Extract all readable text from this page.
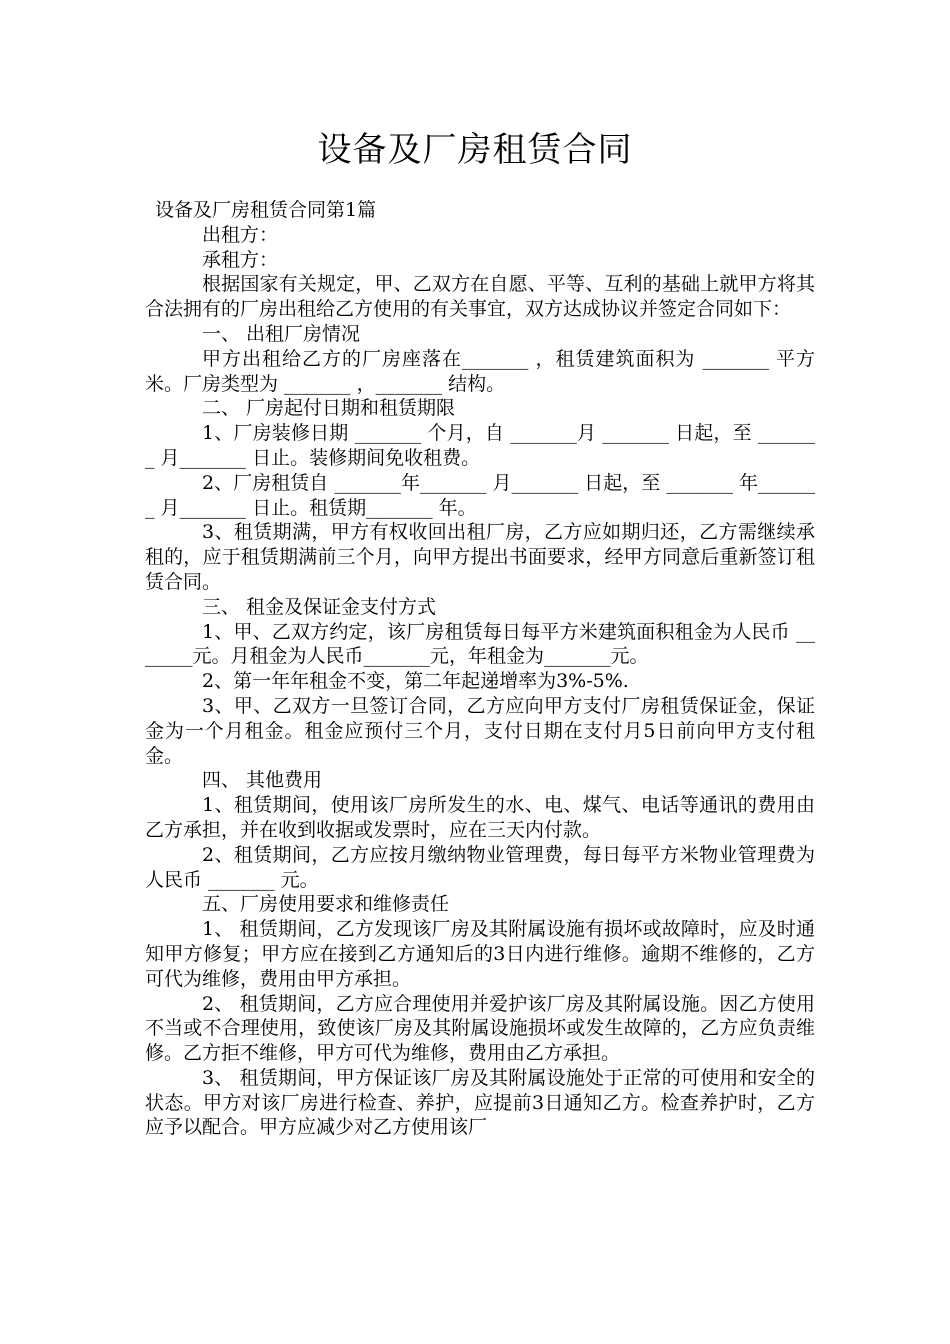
设备及厂房租赁合同

设备及厂房租赁合同第1篇

出租方：

承租方：

根据国家有关规定，甲、乙双方在自愿、平等、互利的基础上就甲方将其合法拥有的厂房出租给乙方使用的有关事宜，双方达成协议并签定合同如下：

一、 出租厂房情况

甲方出租给乙方的厂房座落在_______ ，租赁建筑面积为 _______ 平方米。厂房类型为 _______ ，_______ 结构。

二、 厂房起付日期和租赁期限

1、厂房装修日期 _______ 个月，自 _______月 _______ 日起，至 _______ 月_______ 日止。装修期间免收租费。

2、厂房租赁自 _______年_______ 月_______ 日起，至 _______ 年_______ 月_______ 日止。租赁期_______ 年。

3、租赁期满，甲方有权收回出租厂房，乙方应如期归还，乙方需继续承租的，应于租赁期满前三个月，向甲方提出书面要求，经甲方同意后重新签订租赁合同。

三、 租金及保证金支付方式

1、甲、乙双方约定，该厂房租赁每日每平方米建筑面积租金为人民币 _______元。月租金为人民币_______元，年租金为_______元。

2、第一年年租金不变，第二年起递增率为3%-5%.

3、甲、乙双方一旦签订合同，乙方应向甲方支付厂房租赁保证金，保证金为一个月租金。租金应预付三个月，支付日期在支付月5日前向甲方支付租金。

四、 其他费用

1、租赁期间，使用该厂房所发生的水、电、煤气、电话等通讯的费用由乙方承担，并在收到收据或发票时，应在三天内付款。

2、租赁期间，乙方应按月缴纳物业管理费，每日每平方米物业管理费为人民币 _______ 元。

五、厂房使用要求和维修责任

1、 租赁期间，乙方发现该厂房及其附属设施有损坏或故障时，应及时通知甲方修复；甲方应在接到乙方通知后的3日内进行维修。逾期不维修的，乙方可代为维修，费用由甲方承担。

2、 租赁期间，乙方应合理使用并爱护该厂房及其附属设施。因乙方使用不当或不合理使用，致使该厂房及其附属设施损坏或发生故障的，乙方应负责维修。乙方拒不维修，甲方可代为维修，费用由乙方承担。

3、 租赁期间，甲方保证该厂房及其附属设施处于正常的可使用和安全的状态。甲方对该厂房进行检查、养护，应提前3日通知乙方。检查养护时，乙方应予以配合。甲方应减少对乙方使用该厂
